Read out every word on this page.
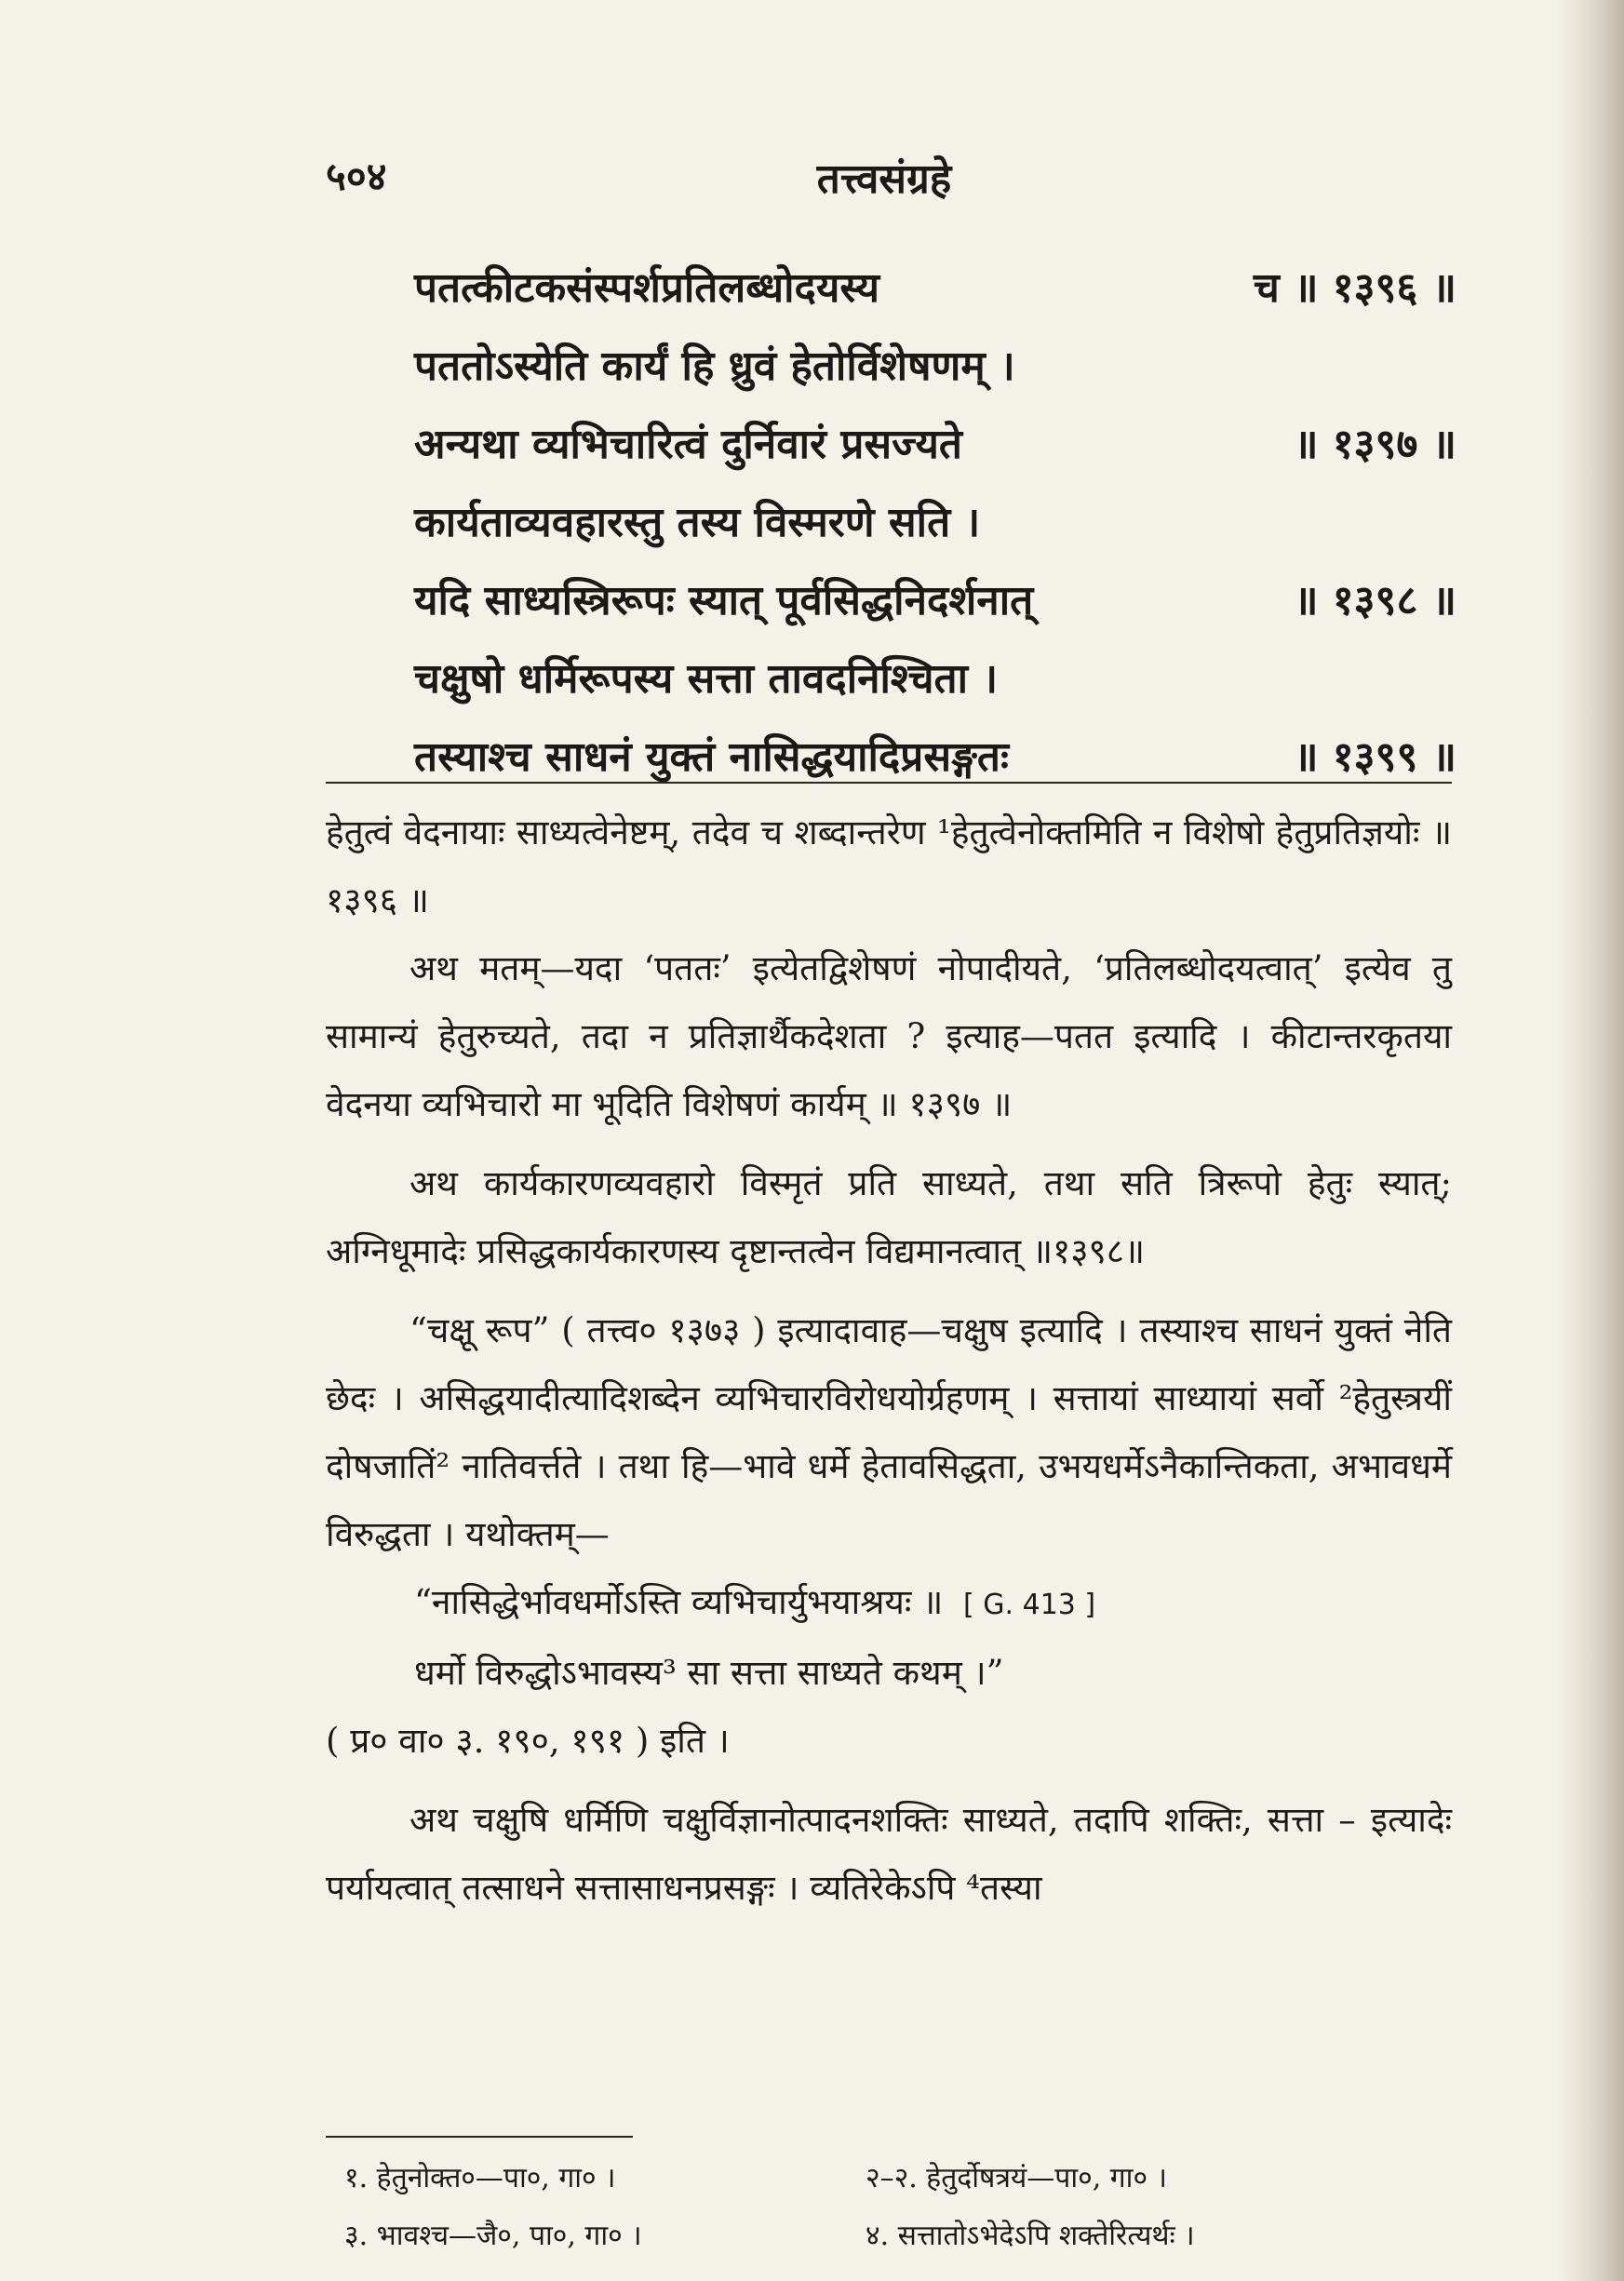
तत्त्वसंग्रहे
५०४
पतत्कीटकसंस्पर्शप्रतिलब्धोदयस्य	च ॥ १३९६ ॥
पततोऽस्येति कार्यं हि ध्रुवं हेतोर्विशेषणम् ।
अन्यथा व्यभिचारित्वं दुर्निवारं प्रसज्यते	॥ १३९७ ॥
कार्यताव्यवहारस्तु तस्य विस्मरणे सति ।
यदि साध्यस्त्रिरूपः स्यात् पूर्वसिद्धनिदर्शनात्	॥ १३९८ ॥
चक्षुषो धर्मिरूपस्य सत्ता तावदनिश्चिता ।
तस्याश्च साधनं युक्तं नासिद्धयादिप्रसङ्गतः	॥ १३९९ ॥

हेतुत्वं वेदनायाः साध्यत्वेनेष्टम्, तदेव च शब्दान्तरेण ¹हेतुत्वेनोक्तमिति न विशेषो हेतुप्रतिज्ञयोः ॥ १३९६ ॥

अथ मतम्—यदा ‘पततः’ इत्येतद्विशेषणं नोपादीयते, ‘प्रतिलब्धोदयत्वात्’ इत्येव तु सामान्यं हेतुरुच्यते, तदा न प्रतिज्ञार्थैकदेशता ? इत्याह—पतत इत्यादि । कीटान्तरकृतया वेदनया व्यभिचारो मा भूदिति विशेषणं कार्यम् ॥ १३९७ ॥

अथ कार्यकारणव्यवहारो विस्मृतं प्रति साध्यते, तथा सति त्रिरूपो हेतुः स्यात्; अग्निधूमादेः प्रसिद्धकार्यकारणस्य दृष्टान्तत्वेन विद्यमानत्वात् ॥१३९८॥

“चक्षू रूप” ( तत्त्व० १३७३ ) इत्यादावाह—चक्षुष इत्यादि । तस्याश्च साधनं युक्तं नेति छेदः । असिद्धयादीत्यादिशब्देन व्यभिचारविरोधयोर्ग्रहणम् । सत्तायां साध्यायां सर्वो ²हेतुस्त्रयीं दोषजातिं² नातिवर्त्तते । तथा हि—भावे धर्मे हेतावसिद्धता, उभयधर्मेऽनैकान्तिकता, अभावधर्मे विरुद्धता । यथोक्तम्—

“नासिद्धेर्भावधर्मोऽस्ति व्यभिचार्युभयाश्रयः ॥ [ G. 413 ]

धर्मो विरुद्धोऽभावस्य³ सा सत्ता साध्यते कथम् ।”

( प्र० वा० ३. १९०, १९१ ) इति ।

अथ चक्षुषि धर्मिणि चक्षुर्विज्ञानोत्पादनशक्तिः साध्यते, तदापि शक्तिः, सत्ता – इत्यादेः पर्यायत्वात् तत्साधने सत्तासाधनप्रसङ्गः । व्यतिरेकेऽपि ⁴तस्या

१. हेतुनोक्त०—पा०, गा० ।	२–२. हेतुर्दोषत्रयं—पा०, गा० ।
३. भावश्च—जै०, पा०, गा० ।	४. सत्तातोऽभेदेऽपि शक्तेरित्यर्थः ।
